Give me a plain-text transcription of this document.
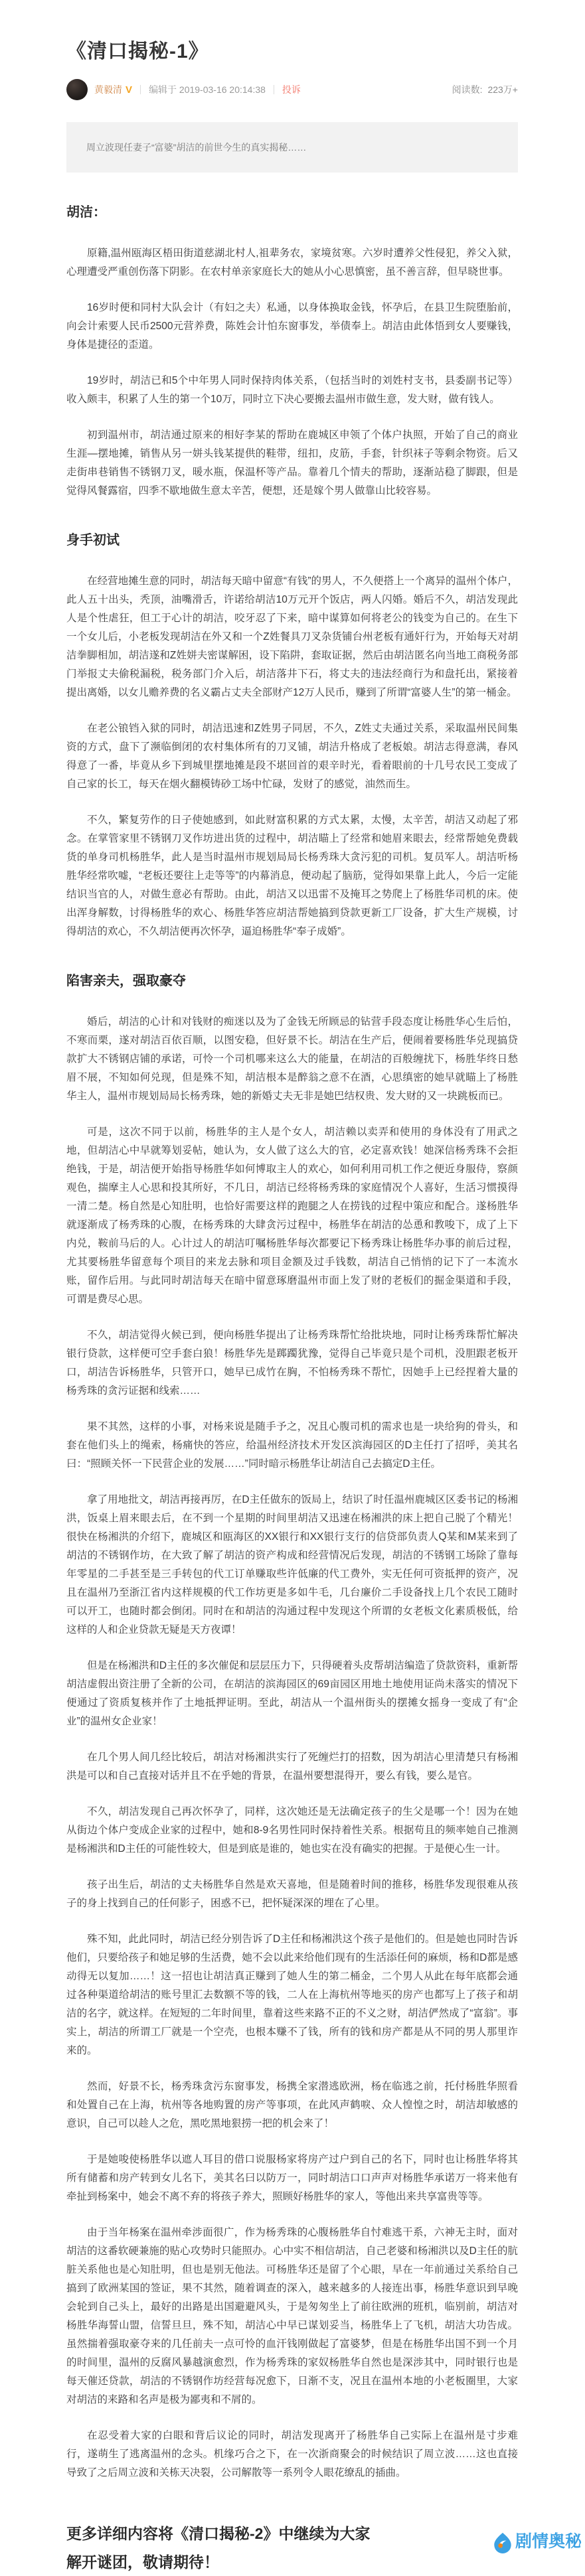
《清口揭秘-1》
黄毅清 V 编辑于 2019-03-16 20:14:38 投诉	阅读数: 223万+
周立波现任妻子“富婆”胡洁的前世今生的真实揭秘……
胡洁：

原籍,温州瓯海区梧田街道慈湖北村人,祖辈务农，家境贫寒。六岁时遭养父性侵犯，养父入狱，心理遭受严重创伤落下阴影。在农村单亲家庭长大的她从小心思慎密，虽不善言辞，但早晓世事。

16岁时便和同村大队会计（有妇之夫）私通，以身体换取金钱，怀孕后，在县卫生院堕胎前，向会计索要人民币2500元营养费，陈姓会计怕东窗事发，举债奉上。胡洁由此体悟到女人要赚钱，身体是捷径的歪道。

19岁时，胡洁已和5个中年男人同时保持肉体关系，（包括当时的刘姓村支书，县委副书记等）收入颇丰，积累了人生的第一个10万，同时立下决心要搬去温州市做生意，发大财，做有钱人。

初到温州市，胡洁通过原来的相好李某的帮助在鹿城区申领了个体户执照，开始了自己的商业生涯—摆地摊，销售从另一姘头钱某提供的鞋带，纽扣，皮筋，手套，针织袜子等剩余物资。后又走街串巷销售不锈钢刀叉，暖水瓶，保温杯等产品。靠着几个情夫的帮助，逐渐站稳了脚跟，但是觉得风餐露宿，四季不歇地做生意太辛苦，便想，还是嫁个男人做靠山比较容易。

身手初试

在经营地摊生意的同时，胡洁每天暗中留意“有钱”的男人，不久便搭上一个离异的温州个体户，此人五十出头，秃顶，油嘴滑舌，许诺给胡洁10万元开个饭店，两人闪婚。婚后不久，胡洁发现此人是个性虐狂，但工于心计的胡洁，咬牙忍了下来，暗中谋算如何将老公的钱变为自己的。在生下一个女儿后，小老板发现胡洁在外又和一个Z姓餐具刀叉杂货铺台州老板有通奸行为，开始每天对胡洁拳脚相加，胡洁遂和Z姓姘夫密谋解困，设下陷阱，套取证据，然后由胡洁匿名向当地工商税务部门举报丈夫偷税漏税，税务部门介入后，胡洁落井下石，将丈夫的违法经商行为和盘托出，紧接着提出离婚，以女儿赡养费的名义霸占丈夫全部财产12万人民币，赚到了所谓“富婆人生”的第一桶金。

在老公锒铛入狱的同时，胡洁迅速和Z姓男子同居，不久，Z姓丈夫通过关系，采取温州民间集资的方式，盘下了濒临倒闭的农村集体所有的刀叉铺，胡洁升格成了老板娘。胡洁志得意满，春风得意了一番，毕竟从乡下到城里摆地摊是段不堪回首的艰辛时光，看着眼前的十几号农民工变成了自己家的长工，每天在烟火翻模铸砂工场中忙碌，发财了的感觉，油然而生。

不久，繁复劳作的日子使她感到，如此财富积累的方式太累，太慢，太辛苦，胡洁又动起了邪念。在掌管家里不锈钢刀叉作坊进出货的过程中，胡洁瞄上了经常和她眉来眼去，经常帮她免费载货的单身司机杨胜华，此人是当时温州市规划局局长杨秀珠大贪污犯的司机。复员军人。胡洁听杨胜华经常吹嘘，“老板还要往上走等等”的内幕消息，便动起了脑筋，觉得如果靠上此人，今后一定能结识当官的人，对做生意必有帮助。由此，胡洁又以迅雷不及掩耳之势爬上了杨胜华司机的床。使出浑身解数，讨得杨胜华的欢心、杨胜华答应胡洁帮她搞到贷款更新工厂设备，扩大生产规模，讨得胡洁的欢心，不久胡洁便再次怀孕，逼迫杨胜华“奉子成婚”。

陷害亲夫，强取豪夺

婚后，胡洁的心计和对钱财的痴迷以及为了金钱无所顾忌的钻营手段态度让杨胜华心生后怕，不寒而栗，遂对胡洁百依百顺，以图安稳，但好景不长。胡洁在生产后，便闹着要杨胜华兑现搞贷款扩大不锈钢店铺的承诺，可怜一个司机哪来这么大的能量，在胡洁的百般缠扰下，杨胜华终日愁眉不展，不知如何兑现，但是殊不知，胡洁根本是醉翁之意不在酒，心思缜密的她早就瞄上了杨胜华主人，温州市规划局局长杨秀珠，她的新婚丈夫无非是她巴结权贵、发大财的又一块跳板而已。

可是，这次不同于以前，杨胜华的主人是个女人，胡洁赖以卖弄和使用的身体没有了用武之地，但胡洁心中早就筹划妥帖，她认为，女人做了这么大的官，必定喜欢钱！她深信杨秀珠不会拒绝钱，于是，胡洁便开始指导杨胜华如何博取主人的欢心，如何利用司机工作之便近身服侍，察颜观色，揣摩主人心思和投其所好，不几日，胡洁已经将杨秀珠的家庭情况个人喜好，生活习惯摸得一清二楚。杨自然是心知肚明，也恰好需要这样的跑腿之人在捞钱的过程中策应和配合。遂杨胜华就逐渐成了杨秀珠的心腹，在杨秀珠的大肆贪污过程中，杨胜华在胡洁的怂恿和教唆下，成了上下内兑，鞍前马后的人。心计过人的胡洁叮嘱杨胜华每次都要记下杨秀珠让杨胜华办事的前后过程，尤其要杨胜华留意每个项目的来龙去脉和项目金额及过手钱数，胡洁自己悄悄的记下了一本流水账，留作后用。与此同时胡洁每天在暗中留意琢磨温州市面上发了财的老板们的掘金渠道和手段，可谓是费尽心思。

不久，胡洁觉得火候已到，便向杨胜华提出了让杨秀珠帮忙给批块地，同时让杨秀珠帮忙解决银行贷款，这样便可空手套白狼！杨胜华先是踯躅犹豫，觉得自己毕竟只是个司机，没胆跟老板开口，胡洁告诉杨胜华，只管开口，她早已成竹在胸，不怕杨秀珠不帮忙，因她手上已经捏着大量的杨秀珠的贪污证据和线索……

果不其然，这样的小事，对杨来说是随手予之，况且心腹司机的需求也是一块给狗的骨头，和套在他们头上的绳索，杨痛快的答应，给温州经济技术开发区滨海园区的D主任打了招呼，美其名曰：“照顾关怀一下民营企业的发展……”同时暗示杨胜华让胡洁自己去搞定D主任。

拿了用地批文，胡洁再接再厉，在D主任做东的饭局上，结识了时任温州鹿城区区委书记的杨湘洪，饭桌上眉来眼去后，在不到一个星期的时间里胡洁又迅速在杨湘洪的床上把自己脱了个精光！很快在杨湘洪的介绍下，鹿城区和瓯海区的XX银行和XX银行支行的信贷部负责人Q某和M某来到了胡洁的不锈钢作坊，在大致了解了胡洁的资产构成和经营情况后发现，胡洁的不锈钢工场除了靠每年零星的二手甚至是三手转包的代工订单赚取些许低廉的代工费外，实无任何可资抵押的资产，况且在温州乃至浙江省内这样规模的代工作坊更是多如牛毛，几台廉价二手设备找上几个农民工随时可以开工，也随时都会倒闭。同时在和胡洁的沟通过程中发现这个所谓的女老板文化素质极低，给这样的人和企业贷款无疑是天方夜谭！

但是在杨湘洪和D主任的多次催促和层层压力下，只得硬着头皮帮胡洁编造了贷款资料，重新帮胡洁虚假出资注册了全新的公司，在胡洁的滨海园区的69亩园区用地土地使用证尚未落实的情况下便通过了资质复核并作了土地抵押证明。至此，胡洁从一个温州街头的摆摊女摇身一变成了有“企业”的温州女企业家！

在几个男人间几经比较后，胡洁对杨湘洪实行了死缠烂打的招数，因为胡洁心里清楚只有杨湘洪是可以和自己直接对话并且不在乎她的背景，在温州要想混得开，要么有钱，要么是官。

不久，胡洁发现自己再次怀孕了，同样，这次她还是无法确定孩子的生父是哪一个！因为在她从街边个体户变成企业家的过程中，她和8-9名男性同时保持着性关系。根据苟且的频率她自己推测是杨湘洪和D主任的可能性较大，但是到底是谁的，她也实在没有确实的把握。于是便心生一计。

孩子出生后，胡洁的丈夫杨胜华自然是欢天喜地，但是随着时间的推移，杨胜华发现很难从孩子的身上找到自己的任何影子，困惑不已，把怀疑深深的埋在了心里。

殊不知，此此同时，胡洁已经分别告诉了D主任和杨湘洪这个孩子是他们的。但是她也同时告诉他们，只要给孩子和她足够的生活费，她不会以此来给他们现有的生活添任何的麻烦，杨和D都是感动得无以复加……！这一招也让胡洁真正赚到了她人生的第二桶金，二个男人从此在每年底都会通过各种渠道给胡洁的账号里汇去数额不等的钱，二人在上海杭州等地买的房产也都写上了孩子和胡洁的名字，就这样。在短短的二年时间里，靠着这些来路不正的不义之财，胡洁俨然成了“富翁”。事实上，胡洁的所谓工厂就是一个空壳，也根本赚不了钱，所有的钱和房产都是从不同的男人那里诈来的。

然而，好景不长，杨秀珠贪污东窗事发，杨携全家潜逃欧洲，杨在临逃之前，托付杨胜华照看和处置自己在上海，杭州等各地购置的房产等事项，在此风声鹤唳、众人惶惶之时，胡洁却敏感的意识，自己可以趁人之危，黑吃黑地狠捞一把的机会来了！

于是她唆使杨胜华以遮人耳目的借口说服杨家将房产过户到自己的名下，同时也让杨胜华将其所有储蓄和房产转到女儿名下，美其名曰以防万一，同时胡洁口口声声对杨胜华承诺万一将来他有牵扯到杨案中，她会不离不弃的将孩子养大，照顾好杨胜华的家人，等他出来共享富贵等等。

由于当年杨案在温州牵涉面很广，作为杨秀珠的心腹杨胜华自忖难逃干系，六神无主时，面对胡洁的这番软硬兼施的贴心攻势时只能照办。心中实不相信胡洁，自己老婆和杨湘洪以及D主任的肮脏关系他也是心知肚明，但也是别无他法。可杨胜华还是留了个心眼，早在一年前通过关系给自己搞到了欧洲某国的签证，果不其然，随着调查的深入，越来越多的人接连出事，杨胜华意识到早晚会轮到自己头上，最好的出路是出国避避风头，于是匆匆坐上了前往欧洲的班机，临别前，胡洁对杨胜华海誓山盟，信誓旦旦，殊不知，胡洁心中早已谋划妥当，杨胜华上了飞机，胡洁大功告成。虽然揣着强取豪夺来的几任前夫一点可怜的血汗钱刚做起了富婆梦，但是在杨胜华出国不到一个月的时间里，温州的反腐风暴越演愈烈，作为杨秀珠的家奴杨胜华自然也是深涉其中，同时银行也是每天催还贷款，胡洁的不锈钢作坊经营每况愈下，日渐不支，况且在温州本地的小老板圈里，大家对胡洁的来路和名声是极为鄙夷和不屑的。

在忍受着大家的白眼和背后议论的同时，胡洁发现离开了杨胜华自己实际上在温州是寸步难行，遂萌生了逃离温州的念头。机缘巧合之下，在一次浙商聚会的时候结识了周立波……这也直接导致了之后周立波和关栋天决裂，公司解散等一系列令人眼花缭乱的插曲。

更多详细内容将《清口揭秘-2》中继续为大家
解开谜团，敬请期待！
剧情奥秘
